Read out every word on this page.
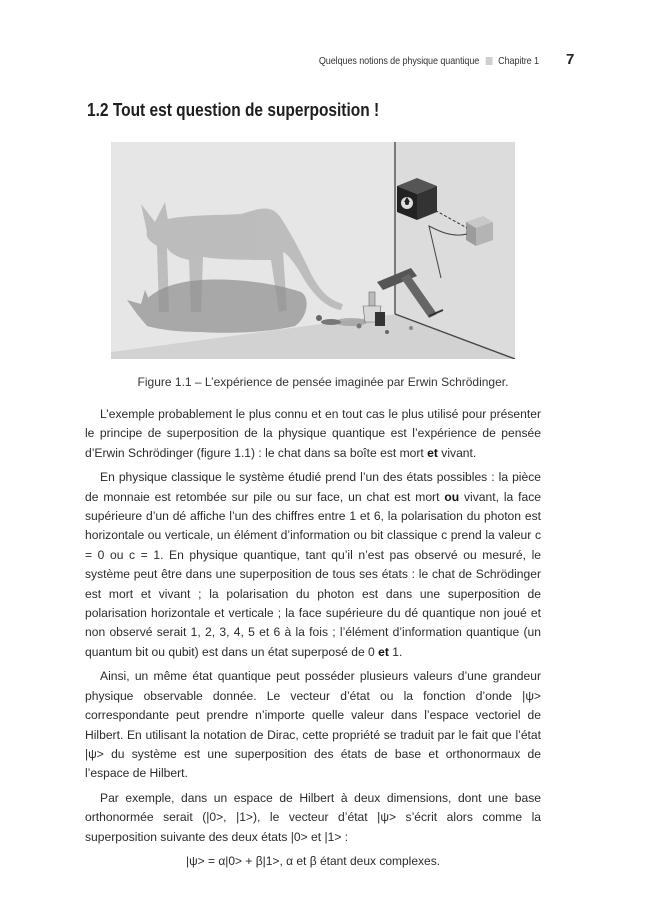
Quelques notions de physique quantique Chapitre 1 7
1.2 Tout est question de superposition !
Figure 1.1 – L’expérience de pensée imaginée par Erwin Schrödinger.

L’exemple probablement le plus connu et en tout cas le plus utilisé pour présenter le principe de superposition de la physique quantique est l’expérience de pensée d’Erwin Schrödinger (figure 1.1) : le chat dans sa boîte est mort et vivant.

En physique classique le système étudié prend l’un des états possibles : la pièce de monnaie est retombée sur pile ou sur face, un chat est mort ou vivant, la face supérieure d’un dé affiche l’un des chiffres entre 1 et 6, la polarisation du photon est horizontale ou verticale, un élément d’information ou bit classique c prend la valeur c = 0 ou c = 1. En physique quantique, tant qu’il n’est pas observé ou mesuré, le système peut être dans une superposition de tous ses états : le chat de Schrödinger est mort et vivant ; la polarisation du photon est dans une superposition de polarisation horizontale et verticale ; la face supérieure du dé quantique non joué et non observé serait 1, 2, 3, 4, 5 et 6 à la fois ; l’élément d’information quantique (un quantum bit ou qubit) est dans un état superposé de 0 et 1.

Ainsi, un même état quantique peut posséder plusieurs valeurs d’une grandeur physique observable donnée. Le vecteur d’état ou la fonction d’onde |ψ> correspondante peut prendre n’importe quelle valeur dans l’espace vectoriel de Hilbert. En utilisant la notation de Dirac, cette propriété se traduit par le fait que l’état |ψ> du système est une superposition des états de base et orthonormaux de l’espace de Hilbert.

Par exemple, dans un espace de Hilbert à deux dimensions, dont une base orthonormée serait (|0>, |1>), le vecteur d’état |ψ> s’écrit alors comme la superposition suivante des deux états |0> et |1> :

|ψ> = α|0> + β|1>, α et β étant deux complexes.
